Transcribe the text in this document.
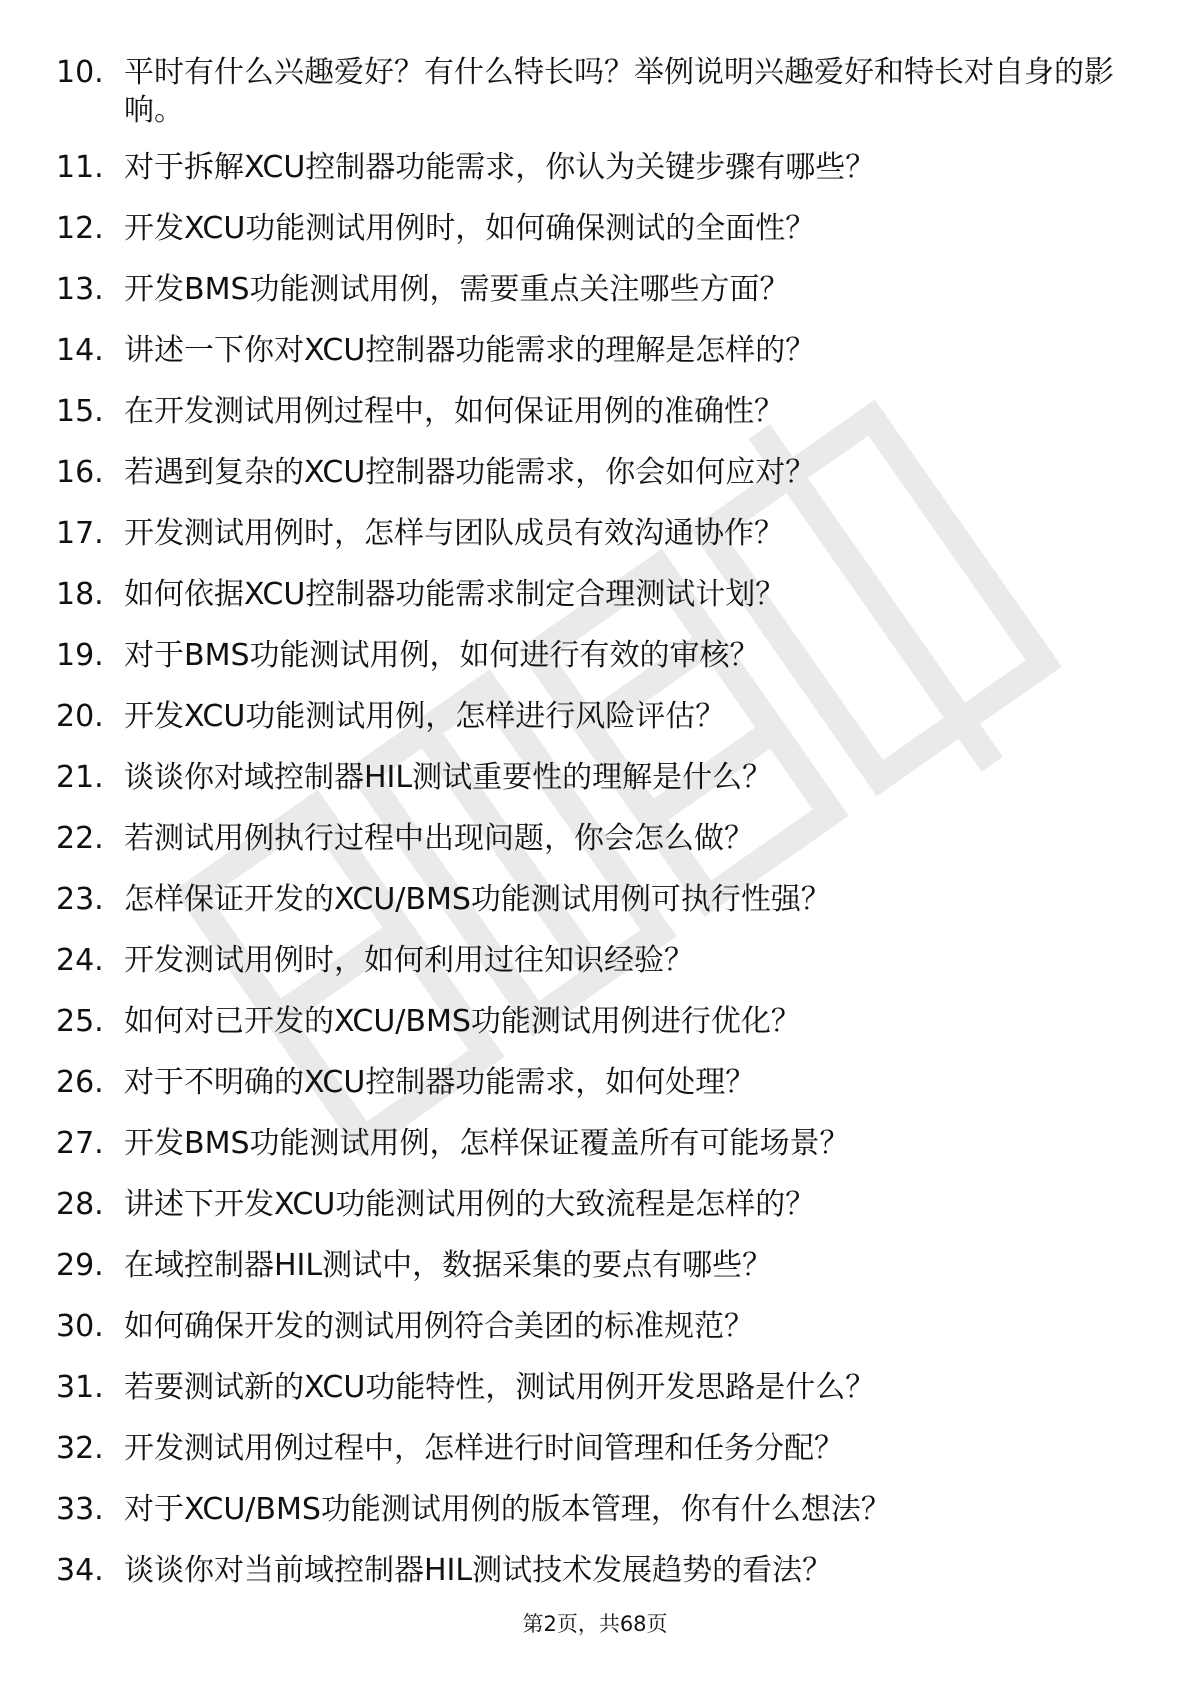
10. 平时有什么兴趣爱好？有什么特长吗？举例说明兴趣爱好和特长对自身的影响。
11. 对于拆解XCU控制器功能需求，你认为关键步骤有哪些？
12. 开发XCU功能测试用例时，如何确保测试的全面性？
13. 开发BMS功能测试用例，需要重点关注哪些方面？
14. 讲述一下你对XCU控制器功能需求的理解是怎样的？
15. 在开发测试用例过程中，如何保证用例的准确性？
16. 若遇到复杂的XCU控制器功能需求，你会如何应对？
17. 开发测试用例时，怎样与团队成员有效沟通协作？
18. 如何依据XCU控制器功能需求制定合理测试计划？
19. 对于BMS功能测试用例，如何进行有效的审核？
20. 开发XCU功能测试用例，怎样进行风险评估？
21. 谈谈你对域控制器HIL测试重要性的理解是什么？
22. 若测试用例执行过程中出现问题，你会怎么做？
23. 怎样保证开发的XCU/BMS功能测试用例可执行性强？
24. 开发测试用例时，如何利用过往知识经验？
25. 如何对已开发的XCU/BMS功能测试用例进行优化？
26. 对于不明确的XCU控制器功能需求，如何处理？
27. 开发BMS功能测试用例，怎样保证覆盖所有可能场景？
28. 讲述下开发XCU功能测试用例的大致流程是怎样的？
29. 在域控制器HIL测试中，数据采集的要点有哪些？
30. 如何确保开发的测试用例符合美团的标准规范？
31. 若要测试新的XCU功能特性，测试用例开发思路是什么？
32. 开发测试用例过程中，怎样进行时间管理和任务分配？
33. 对于XCU/BMS功能测试用例的版本管理，你有什么想法？
34. 谈谈你对当前域控制器HIL测试技术发展趋势的看法？
第2页，共68页
